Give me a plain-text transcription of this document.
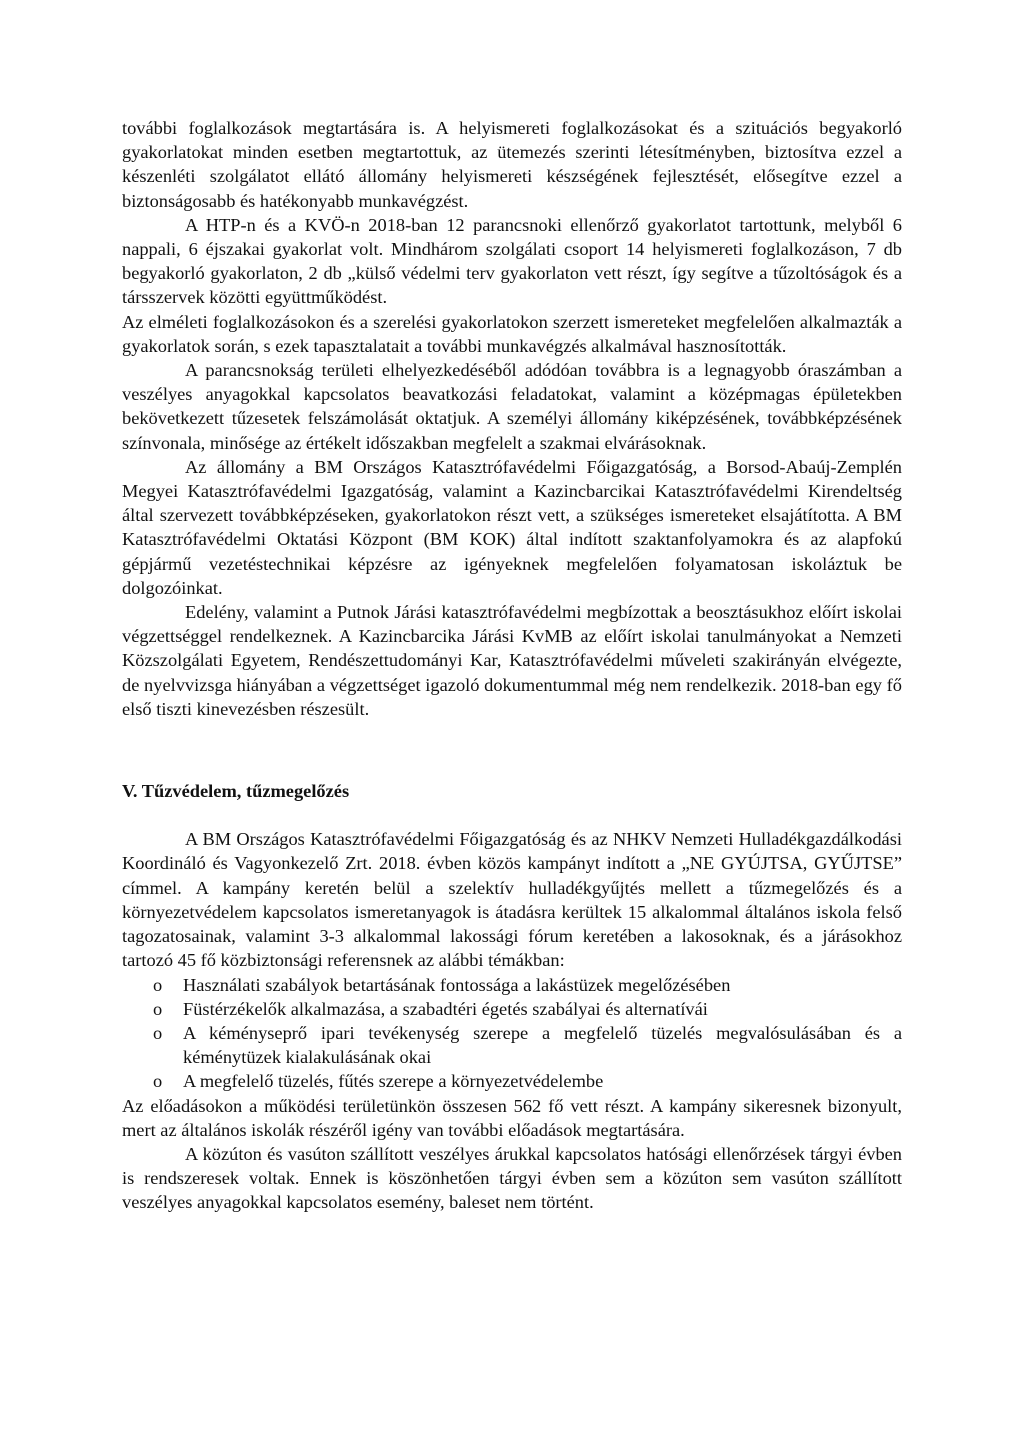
további foglalkozások megtartására is. A helyismereti foglalkozásokat és a szituációs begyakorló gyakorlatokat minden esetben megtartottuk, az ütemezés szerinti létesítményben, biztosítva ezzel a készenléti szolgálatot ellátó állomány helyismereti készségének fejlesztését, elősegítve ezzel a biztonságosabb és hatékonyabb munkavégzést.

A HTP-n és a KVÖ-n 2018-ban 12 parancsnoki ellenőrző gyakorlatot tartottunk, melyből 6 nappali, 6 éjszakai gyakorlat volt. Mindhárom szolgálati csoport 14 helyismereti foglalkozáson, 7 db begyakorló gyakorlaton, 2 db „külső védelmi terv gyakorlaton vett részt, így segítve a tűzoltóságok és a társszervek közötti együttműködést.

Az elméleti foglalkozásokon és a szerelési gyakorlatokon szerzett ismereteket megfelelően alkalmazták a gyakorlatok során, s ezek tapasztalatait a további munkavégzés alkalmával hasznosították.

A parancsnokság területi elhelyezkedéséből adódóan továbbra is a legnagyobb óraszámban a veszélyes anyagokkal kapcsolatos beavatkozási feladatokat, valamint a középmagas épületekben bekövetkezett tűzesetek felszámolását oktatjuk. A személyi állomány kiképzésének, továbbképzésének színvonala, minősége az értékelt időszakban megfelelt a szakmai elvárásoknak.

Az állomány a BM Országos Katasztrófavédelmi Főigazgatóság, a Borsod-Abaúj-Zemplén Megyei Katasztrófavédelmi Igazgatóság, valamint a Kazincbarcikai Katasztrófavédelmi Kirendeltség által szervezett továbbképzéseken, gyakorlatokon részt vett, a szükséges ismereteket elsajátította. A BM Katasztrófavédelmi Oktatási Központ (BM KOK) által indított szaktanfolyamokra és az alapfokú gépjármű vezetéstechnikai képzésre az igényeknek megfelelően folyamatosan iskoláztuk be dolgozóinkat.

Edelény, valamint a Putnok Járási katasztrófavédelmi megbízottak a beosztásukhoz előírt iskolai végzettséggel rendelkeznek. A Kazincbarcika Járási KvMB az előírt iskolai tanulmányokat a Nemzeti Közszolgálati Egyetem, Rendészettudományi Kar, Katasztrófavédelmi műveleti szakirányán elvégezte, de nyelvvizsga hiányában a végzettséget igazoló dokumentummal még nem rendelkezik. 2018-ban egy fő első tiszti kinevezésben részesült.

V. Tűzvédelem, tűzmegelőzés

A BM Országos Katasztrófavédelmi Főigazgatóság és az NHKV Nemzeti Hulladékgazdálkodási Koordináló és Vagyonkezelő Zrt. 2018. évben közös kampányt indított a „NE GYÚJTSA, GYŰJTSE” címmel. A kampány keretén belül a szelektív hulladékgyűjtés mellett a tűzmegelőzés és a környezetvédelem kapcsolatos ismeretanyagok is átadásra kerültek 15 alkalommal általános iskola felső tagozatosainak, valamint 3-3 alkalommal lakossági fórum keretében a lakosoknak, és a járásokhoz tartozó 45 fő közbiztonsági referensnek az alábbi témákban:

o Használati szabályok betartásának fontossága a lakástüzek megelőzésében
o Füstérzékelők alkalmazása, a szabadtéri égetés szabályai és alternatívái
o A kéményseprő ipari tevékenység szerepe a megfelelő tüzelés megvalósulásában és a kéménytüzek kialakulásának okai
o A megfelelő tüzelés, fűtés szerepe a környezetvédelembe

Az előadásokon a működési területünkön összesen 562 fő vett részt. A kampány sikeresnek bizonyult, mert az általános iskolák részéről igény van további előadások megtartására.

A közúton és vasúton szállított veszélyes árukkal kapcsolatos hatósági ellenőrzések tárgyi évben is rendszeresek voltak. Ennek is köszönhetően tárgyi évben sem a közúton sem vasúton szállított veszélyes anyagokkal kapcsolatos esemény, baleset nem történt.
